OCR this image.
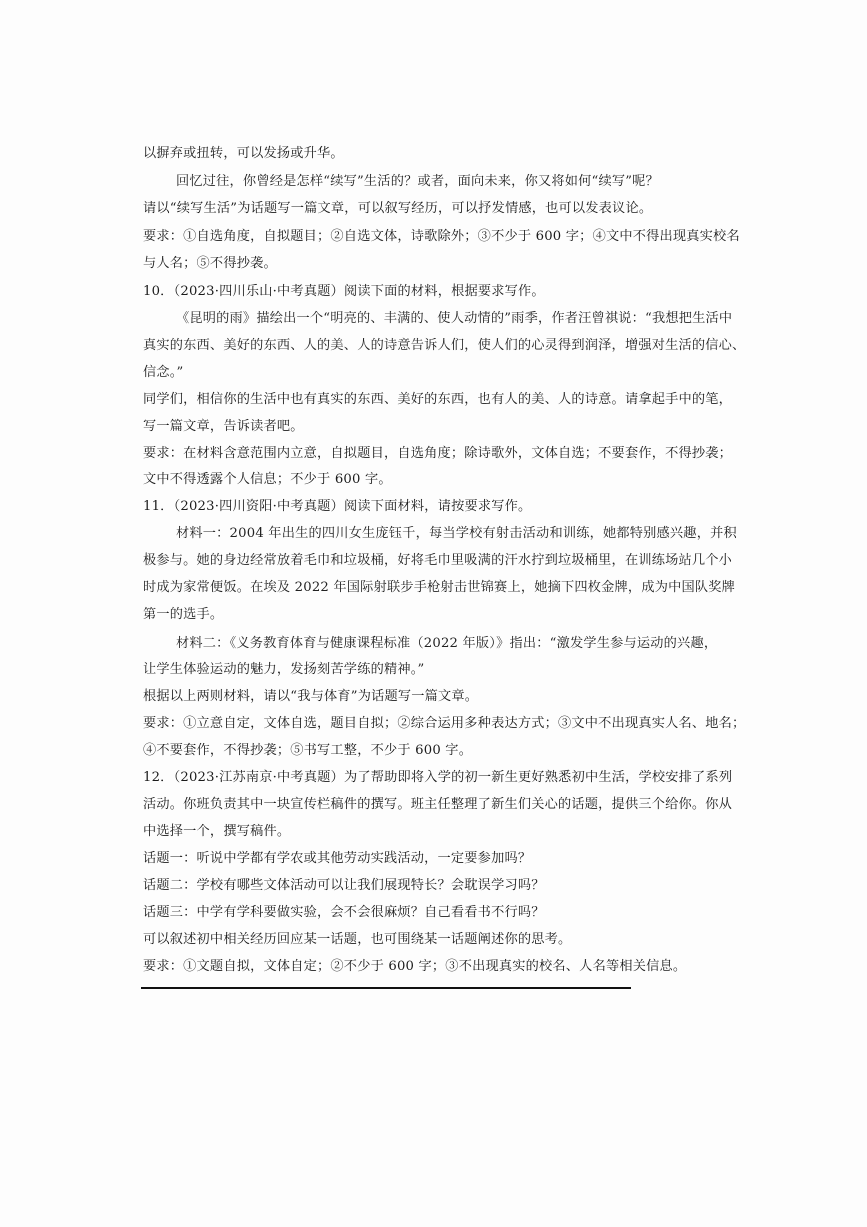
以摒弃或扭转，可以发扬或升华。
回忆过往，你曾经是怎样“续写”生活的？或者，面向未来，你又将如何“续写”呢？
请以“续写生活”为话题写一篇文章，可以叙写经历，可以抒发情感，也可以发表议论。
要求：①自选角度，自拟题目；②自选文体，诗歌除外；③不少于 600 字；④文中不得出现真实校名
与人名；⑤不得抄袭。
10．（2023·四川乐山·中考真题）阅读下面的材料，根据要求写作。
《昆明的雨》描绘出一个“明亮的、丰满的、使人动情的”雨季，作者汪曾祺说：“我想把生活中
真实的东西、美好的东西、人的美、人的诗意告诉人们，使人们的心灵得到润泽，增强对生活的信心、
信念。”
同学们，相信你的生活中也有真实的东西、美好的东西，也有人的美、人的诗意。请拿起手中的笔，
写一篇文章，告诉读者吧。
要求：在材料含意范围内立意，自拟题目，自选角度；除诗歌外，文体自选；不要套作，不得抄袭；
文中不得透露个人信息；不少于 600 字。
11．（2023·四川资阳·中考真题）阅读下面材料，请按要求写作。
材料一：2004 年出生的四川女生庞钰千，每当学校有射击活动和训练，她都特别感兴趣，并积
极参与。她的身边经常放着毛巾和垃圾桶，好将毛巾里吸满的汗水拧到垃圾桶里，在训练场站几个小
时成为家常便饭。在埃及 2022 年国际射联步手枪射击世锦赛上，她摘下四枚金牌，成为中国队奖牌
第一的选手。
材料二：《义务教育体育与健康课程标准（2022 年版）》指出：“激发学生参与运动的兴趣，
让学生体验运动的魅力，发扬刻苦学练的精神。”
根据以上两则材料，请以“我与体育”为话题写一篇文章。
要求：①立意自定，文体自选，题目自拟；②综合运用多种表达方式；③文中不出现真实人名、地名；
④不要套作，不得抄袭；⑤书写工整，不少于 600 字。
12．（2023·江苏南京·中考真题）为了帮助即将入学的初一新生更好熟悉初中生活，学校安排了系列
活动。你班负责其中一块宣传栏稿件的撰写。班主任整理了新生们关心的话题，提供三个给你。你从
中选择一个，撰写稿件。
话题一：听说中学都有学农或其他劳动实践活动，一定要参加吗？
话题二：学校有哪些文体活动可以让我们展现特长？会耽误学习吗？
话题三：中学有学科要做实验，会不会很麻烦？自己看看书不行吗？
可以叙述初中相关经历回应某一话题，也可围绕某一话题阐述你的思考。
要求：①文题自拟，文体自定；②不少于 600 字；③不出现真实的校名、人名等相关信息。
